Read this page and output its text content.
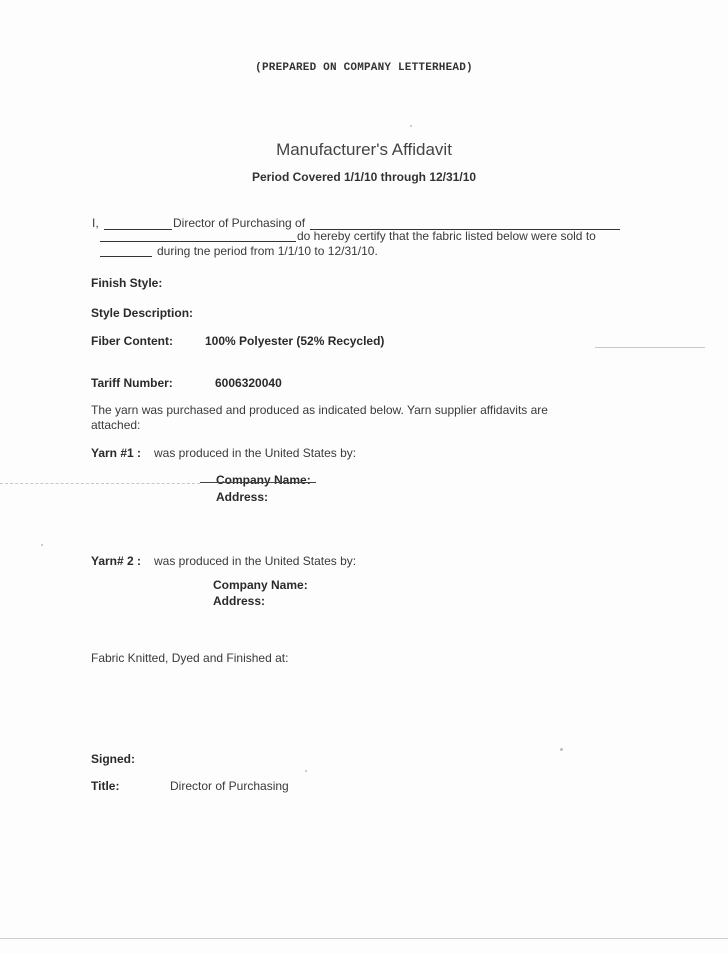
(PREPARED ON COMPANY LETTERHEAD)
Manufacturer's Affidavit
Period Covered 1/1/10 through 12/31/10
I,	Director of Purchasing of
do hereby certify that the fabric listed below were sold to
during tne period from 1/1/10 to 12/31/10.
Finish Style:
Style Description:
Fiber Content:	100% Polyester (52% Recycled)
Tariff Number:	6006320040
The yarn was purchased and produced as indicated below. Yarn supplier affidavits are
attached:
Yarn #1 : was produced in the United States by:
Company Name:
Address:
Yarn# 2 : was produced in the United States by:
Company Name:
Address:
Fabric Knitted, Dyed and Finished at:
Signed:
Title:	Director of Purchasing
